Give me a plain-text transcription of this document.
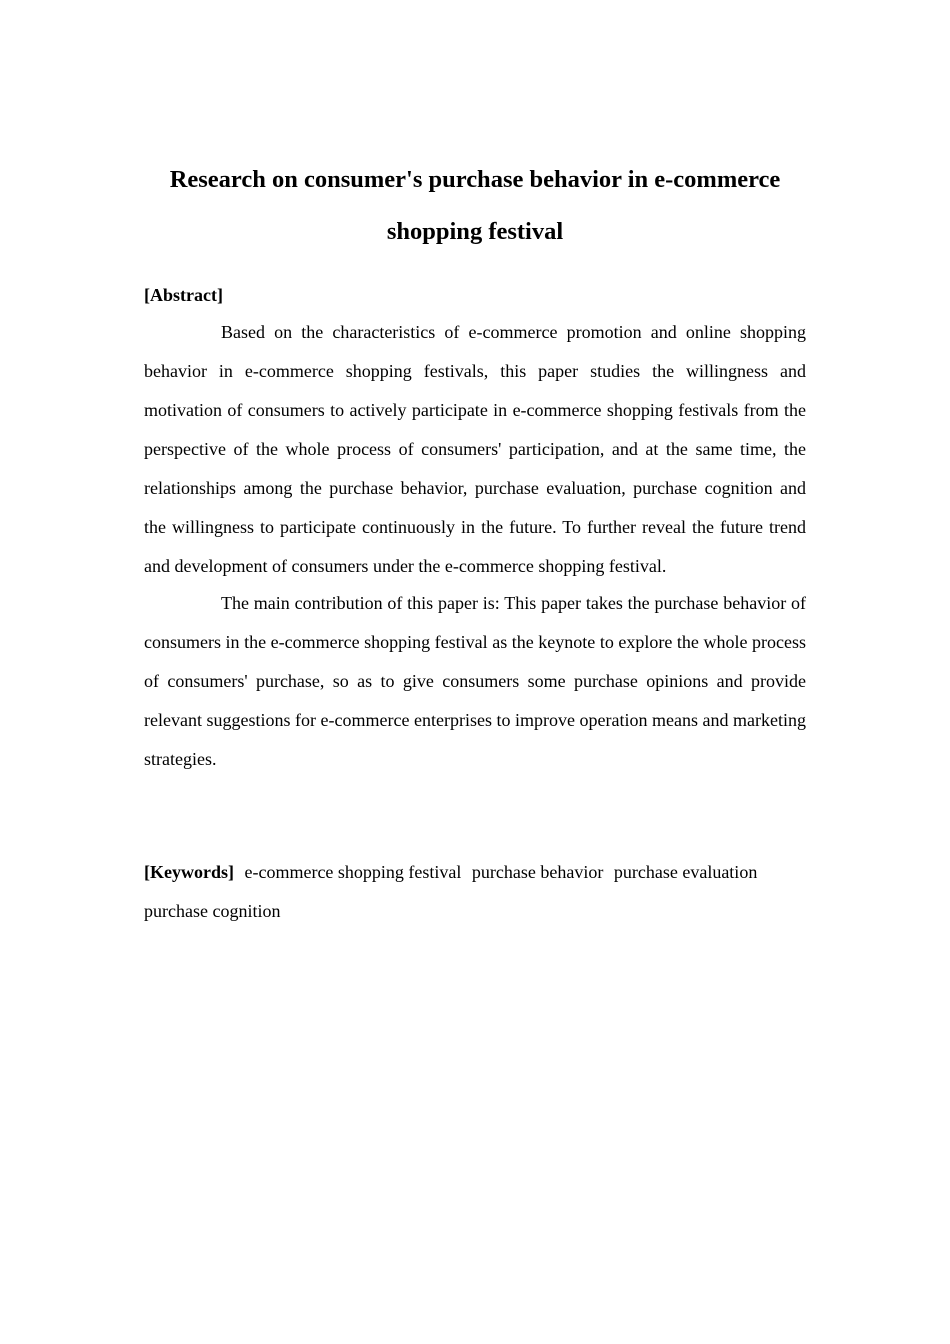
Research on consumer's purchase behavior in e-commerce shopping festival
[Abstract]

Based on the characteristics of e-commerce promotion and online shopping behavior in e-commerce shopping festivals, this paper studies the willingness and motivation of consumers to actively participate in e-commerce shopping festivals from the perspective of the whole process of consumers' participation, and at the same time, the relationships among the purchase behavior, purchase evaluation, purchase cognition and the willingness to participate continuously in the future. To further reveal the future trend and development of consumers under the e-commerce shopping festival.

The main contribution of this paper is: This paper takes the purchase behavior of consumers in the e-commerce shopping festival as the keynote to explore the whole process of consumers' purchase, so as to give consumers some purchase opinions and provide relevant suggestions for e-commerce enterprises to improve operation means and marketing strategies.

[Keywords] e-commerce shopping festival purchase behavior purchase evaluation purchase cognition
